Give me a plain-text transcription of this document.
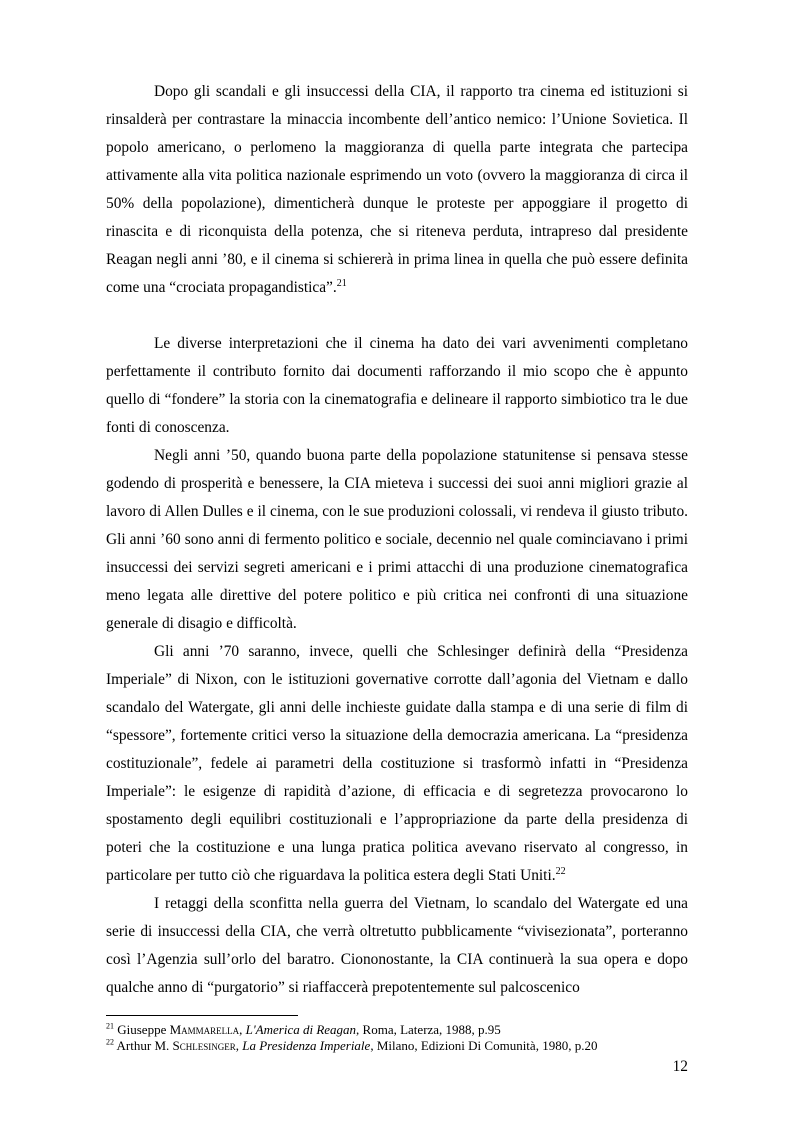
Dopo gli scandali e gli insuccessi della CIA, il rapporto tra cinema ed istituzioni si rinsalderà per contrastare la minaccia incombente dell’antico nemico: l’Unione Sovietica. Il popolo americano, o perlomeno la maggioranza di quella parte integrata che partecipa attivamente alla vita politica nazionale esprimendo un voto (ovvero la maggioranza di circa il 50% della popolazione), dimenticherà dunque le proteste per appoggiare il progetto di rinascita e di riconquista della potenza, che si riteneva perduta, intrapreso dal presidente Reagan negli anni ’80, e il cinema si schiererà in prima linea in quella che può essere definita come una “crociata propagandistica”.$^{21}$

Le diverse interpretazioni che il cinema ha dato dei vari avvenimenti completano perfettamente il contributo fornito dai documenti rafforzando il mio scopo che è appunto quello di “fondere” la storia con la cinematografia e delineare il rapporto simbiotico tra le due fonti di conoscenza.

Negli anni ’50, quando buona parte della popolazione statunitense si pensava stesse godendo di prosperità e benessere, la CIA mieteva i successi dei suoi anni migliori grazie al lavoro di Allen Dulles e il cinema, con le sue produzioni colossali, vi rendeva il giusto tributo. Gli anni ’60 sono anni di fermento politico e sociale, decennio nel quale cominciavano i primi insuccessi dei servizi segreti americani e i primi attacchi di una produzione cinematografica meno legata alle direttive del potere politico e più critica nei confronti di una situazione generale di disagio e difficoltà.

Gli anni ’70 saranno, invece, quelli che Schlesinger definirà della “Presidenza Imperiale” di Nixon, con le istituzioni governative corrotte dall’agonia del Vietnam e dallo scandalo del Watergate, gli anni delle inchieste guidate dalla stampa e di una serie di film di “spessore”, fortemente critici verso la situazione della democrazia americana. La “presidenza costituzionale”, fedele ai parametri della costituzione si trasformò infatti in “Presidenza Imperiale”: le esigenze di rapidità d’azione, di efficacia e di segretezza provocarono lo spostamento degli equilibri costituzionali e l’appropriazione da parte della presidenza di poteri che la costituzione e una lunga pratica politica avevano riservato al congresso, in particolare per tutto ciò che riguardava la politica estera degli Stati Uniti.$^{22}$

I retaggi della sconfitta nella guerra del Vietnam, lo scandalo del Watergate ed una serie di insuccessi della CIA, che verrà oltretutto pubblicamente “vivisezionata”, porteranno così l’Agenzia sull’orlo del baratro. Ciononostante, la CIA continuerà la sua opera e dopo qualche anno di “purgatorio” si riaffaccerà prepotentemente sul palcoscenico

$^{21}$ Giuseppe Mammarella, L'America di Reagan, Roma, Laterza, 1988, p.95

$^{22}$ Arthur M. Schlesinger, La Presidenza Imperiale, Milano, Edizioni Di Comunità, 1980, p.20

12
